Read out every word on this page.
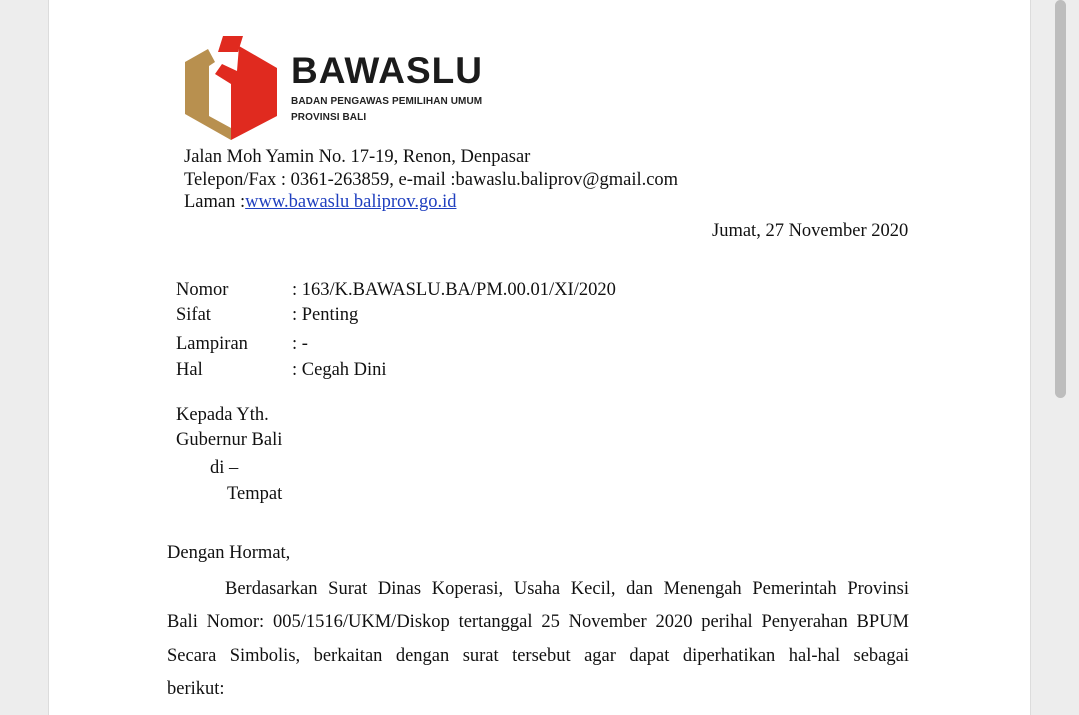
BAWASLU
BADAN PENGAWAS PEMILIHAN UMUM
PROVINSI BALI
Jalan Moh Yamin No. 17-19, Renon, Denpasar
Telepon/Fax : 0361-263859, e-mail :bawaslu.baliprov@gmail.com
Laman :www.bawaslu baliprov.go.id
Jumat, 27 November 2020
Nomor	: 163/K.BAWASLU.BA/PM.00.01/XI/2020
Sifat	: Penting
Lampiran : -
Hal	: Cegah Dini
Kepada Yth.
Gubernur Bali
di –
Tempat
Dengan Hormat,
Berdasarkan Surat Dinas Koperasi, Usaha Kecil, dan Menengah Pemerintah Provinsi
Bali Nomor: 005/1516/UKM/Diskop tertanggal 25 November 2020 perihal Penyerahan BPUM
Secara Simbolis, berkaitan dengan surat tersebut agar dapat diperhatikan hal-hal sebagai
berikut:
